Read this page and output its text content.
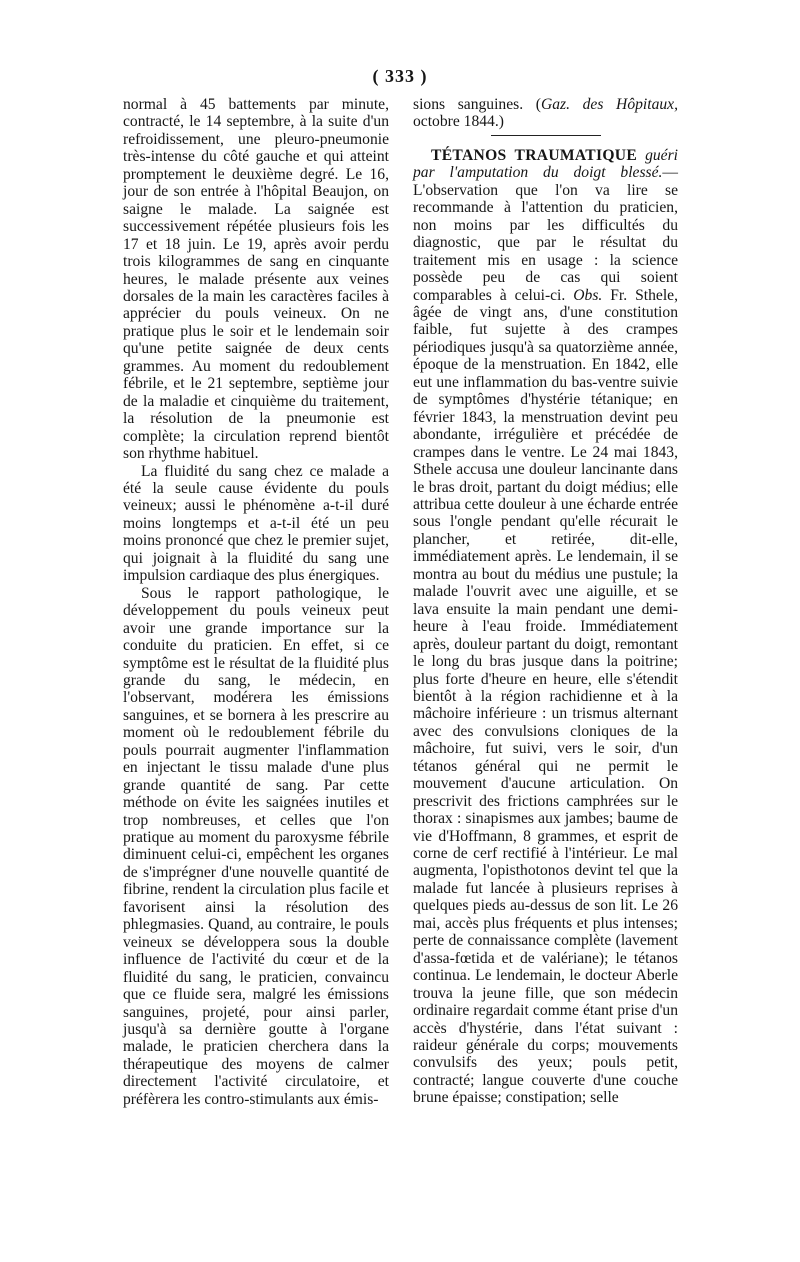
( 333 )

normal à 45 battements par minute, contracté, le 14 septembre, à la suite d'un refroidissement, une pleuro-pneumonie très-intense du côté gauche et qui atteint promptement le deuxième degré. Le 16, jour de son entrée à l'hôpital Beaujon, on saigne le malade. La saignée est successivement répétée plusieurs fois les 17 et 18 juin. Le 19, après avoir perdu trois kilogrammes de sang en cinquante heures, le malade présente aux veines dorsales de la main les caractères faciles à apprécier du pouls veineux. On ne pratique plus le soir et le lendemain soir qu'une petite saignée de deux cents grammes. Au moment du redoublement fébrile, et le 21 septembre, septième jour de la maladie et cinquième du traitement, la résolution de la pneumonie est complète; la circulation reprend bientôt son rhythme habituel.

La fluidité du sang chez ce malade a été la seule cause évidente du pouls veineux; aussi le phénomène a-t-il duré moins longtemps et a-t-il été un peu moins prononcé que chez le premier sujet, qui joignait à la fluidité du sang une impulsion cardiaque des plus énergiques.

Sous le rapport pathologique, le développement du pouls veineux peut avoir une grande importance sur la conduite du praticien. En effet, si ce symptôme est le résultat de la fluidité plus grande du sang, le médecin, en l'observant, modérera les émissions sanguines, et se bornera à les prescrire au moment où le redoublement fébrile du pouls pourrait augmenter l'inflammation en injectant le tissu malade d'une plus grande quantité de sang. Par cette méthode on évite les saignées inutiles et trop nombreuses, et celles que l'on pratique au moment du paroxysme fébrile diminuent celui-ci, empêchent les organes de s'imprégner d'une nouvelle quantité de fibrine, rendent la circulation plus facile et favorisent ainsi la résolution des phlegmasies. Quand, au contraire, le pouls veineux se développera sous la double influence de l'activité du cœur et de la fluidité du sang, le praticien, convaincu que ce fluide sera, malgré les émissions sanguines, projeté, pour ainsi parler, jusqu'à sa dernière goutte à l'organe malade, le praticien cherchera dans la thérapeutique des moyens de calmer directement l'activité circulatoire, et préfèrera les contro-stimulants aux émis-

sions sanguines. (Gaz. des Hôpitaux, octobre 1844.)

TÉTANOS TRAUMATIQUE guéri par l'amputation du doigt blessé.— L'observation que l'on va lire se recommande à l'attention du praticien, non moins par les difficultés du diagnostic, que par le résultat du traitement mis en usage : la science possède peu de cas qui soient comparables à celui-ci. Obs. Fr. Sthele, âgée de vingt ans, d'une constitution faible, fut sujette à des crampes périodiques jusqu'à sa quatorzième année, époque de la menstruation. En 1842, elle eut une inflammation du bas-ventre suivie de symptômes d'hystérie tétanique; en février 1843, la menstruation devint peu abondante, irrégulière et précédée de crampes dans le ventre. Le 24 mai 1843, Sthele accusa une douleur lancinante dans le bras droit, partant du doigt médius; elle attribua cette douleur à une écharde entrée sous l'ongle pendant qu'elle récurait le plancher, et retirée, dit-elle, immédiatement après. Le lendemain, il se montra au bout du médius une pustule; la malade l'ouvrit avec une aiguille, et se lava ensuite la main pendant une demi-heure à l'eau froide. Immédiatement après, douleur partant du doigt, remontant le long du bras jusque dans la poitrine; plus forte d'heure en heure, elle s'étendit bientôt à la région rachidienne et à la mâchoire inférieure : un trismus alternant avec des convulsions cloniques de la mâchoire, fut suivi, vers le soir, d'un tétanos général qui ne permit le mouvement d'aucune articulation. On prescrivit des frictions camphrées sur le thorax : sinapismes aux jambes; baume de vie d'Hoffmann, 8 grammes, et esprit de corne de cerf rectifié à l'intérieur. Le mal augmenta, l'opisthotonos devint tel que la malade fut lancée à plusieurs reprises à quelques pieds au-dessus de son lit. Le 26 mai, accès plus fréquents et plus intenses; perte de connaissance complète (lavement d'assa-fœtida et de valériane); le tétanos continua. Le lendemain, le docteur Aberle trouva la jeune fille, que son médecin ordinaire regardait comme étant prise d'un accès d'hystérie, dans l'état suivant : raideur générale du corps; mouvements convulsifs des yeux; pouls petit, contracté; langue couverte d'une couche brune épaisse; constipation; selle
